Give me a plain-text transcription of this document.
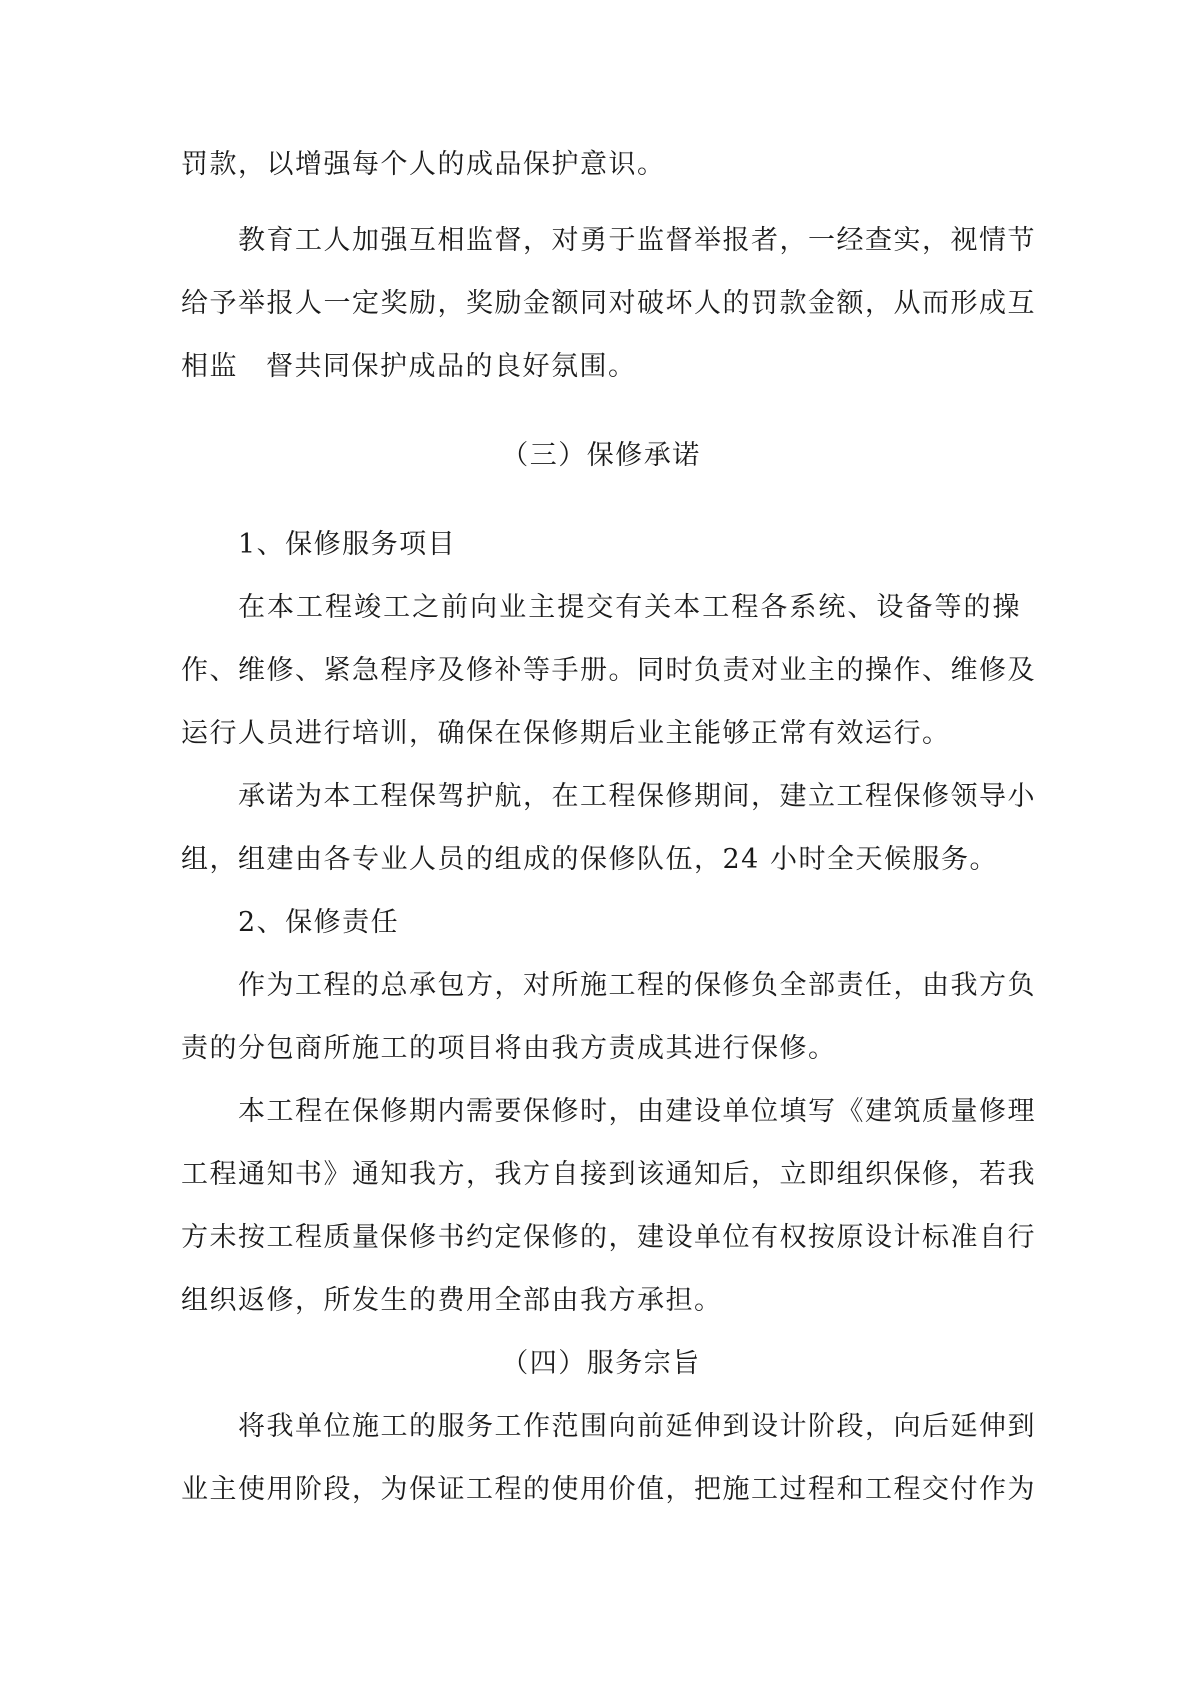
罚款，以增强每个人的成品保护意识。
教育工人加强互相监督，对勇于监督举报者，一经查实，视情节
给予举报人一定奖励，奖励金额同对破坏人的罚款金额，从而形成互
相监 督共同保护成品的良好氛围。
（三）保修承诺
1、保修服务项目
在本工程竣工之前向业主提交有关本工程各系统、设备等的操
作、维修、紧急程序及修补等手册。同时负责对业主的操作、维修及
运行人员进行培训，确保在保修期后业主能够正常有效运行。
承诺为本工程保驾护航，在工程保修期间，建立工程保修领导小
组，组建由各专业人员的组成的保修队伍，24 小时全天候服务。
2、保修责任
作为工程的总承包方，对所施工程的保修负全部责任，由我方负
责的分包商所施工的项目将由我方责成其进行保修。
本工程在保修期内需要保修时，由建设单位填写《建筑质量修理
工程通知书》通知我方，我方自接到该通知后，立即组织保修，若我
方未按工程质量保修书约定保修的，建设单位有权按原设计标准自行
组织返修，所发生的费用全部由我方承担。
（四）服务宗旨
将我单位施工的服务工作范围向前延伸到设计阶段，向后延伸到
业主使用阶段，为保证工程的使用价值，把施工过程和工程交付作为
